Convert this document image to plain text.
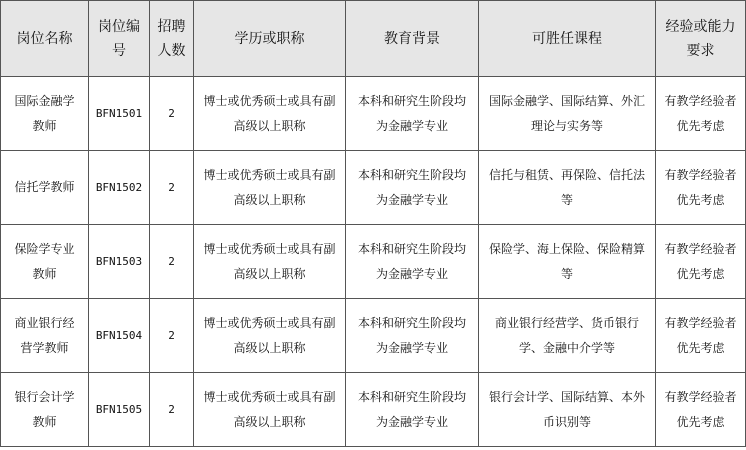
岗位名称	岗位编号	招聘人数	学历或职称	教育背景	可胜任课程	经验或能力要求
国际金融学教师	BFN1501	2	博士或优秀硕士或具有副高级以上职称	本科和研究生阶段均为金融学专业	国际金融学、国际结算、外汇理论与实务等	有教学经验者优先考虑
信托学教师	BFN1502	2	博士或优秀硕士或具有副高级以上职称	本科和研究生阶段均为金融学专业	信托与租赁、再保险、信托法等	有教学经验者优先考虑
保险学专业教师	BFN1503	2	博士或优秀硕士或具有副高级以上职称	本科和研究生阶段均为金融学专业	保险学、海上保险、保险精算等	有教学经验者优先考虑
商业银行经营学教师	BFN1504	2	博士或优秀硕士或具有副高级以上职称	本科和研究生阶段均为金融学专业	商业银行经营学、货币银行学、金融中介学等	有教学经验者优先考虑
银行会计学教师	BFN1505	2	博士或优秀硕士或具有副高级以上职称	本科和研究生阶段均为金融学专业	银行会计学、国际结算、本外币识别等	有教学经验者优先考虑
